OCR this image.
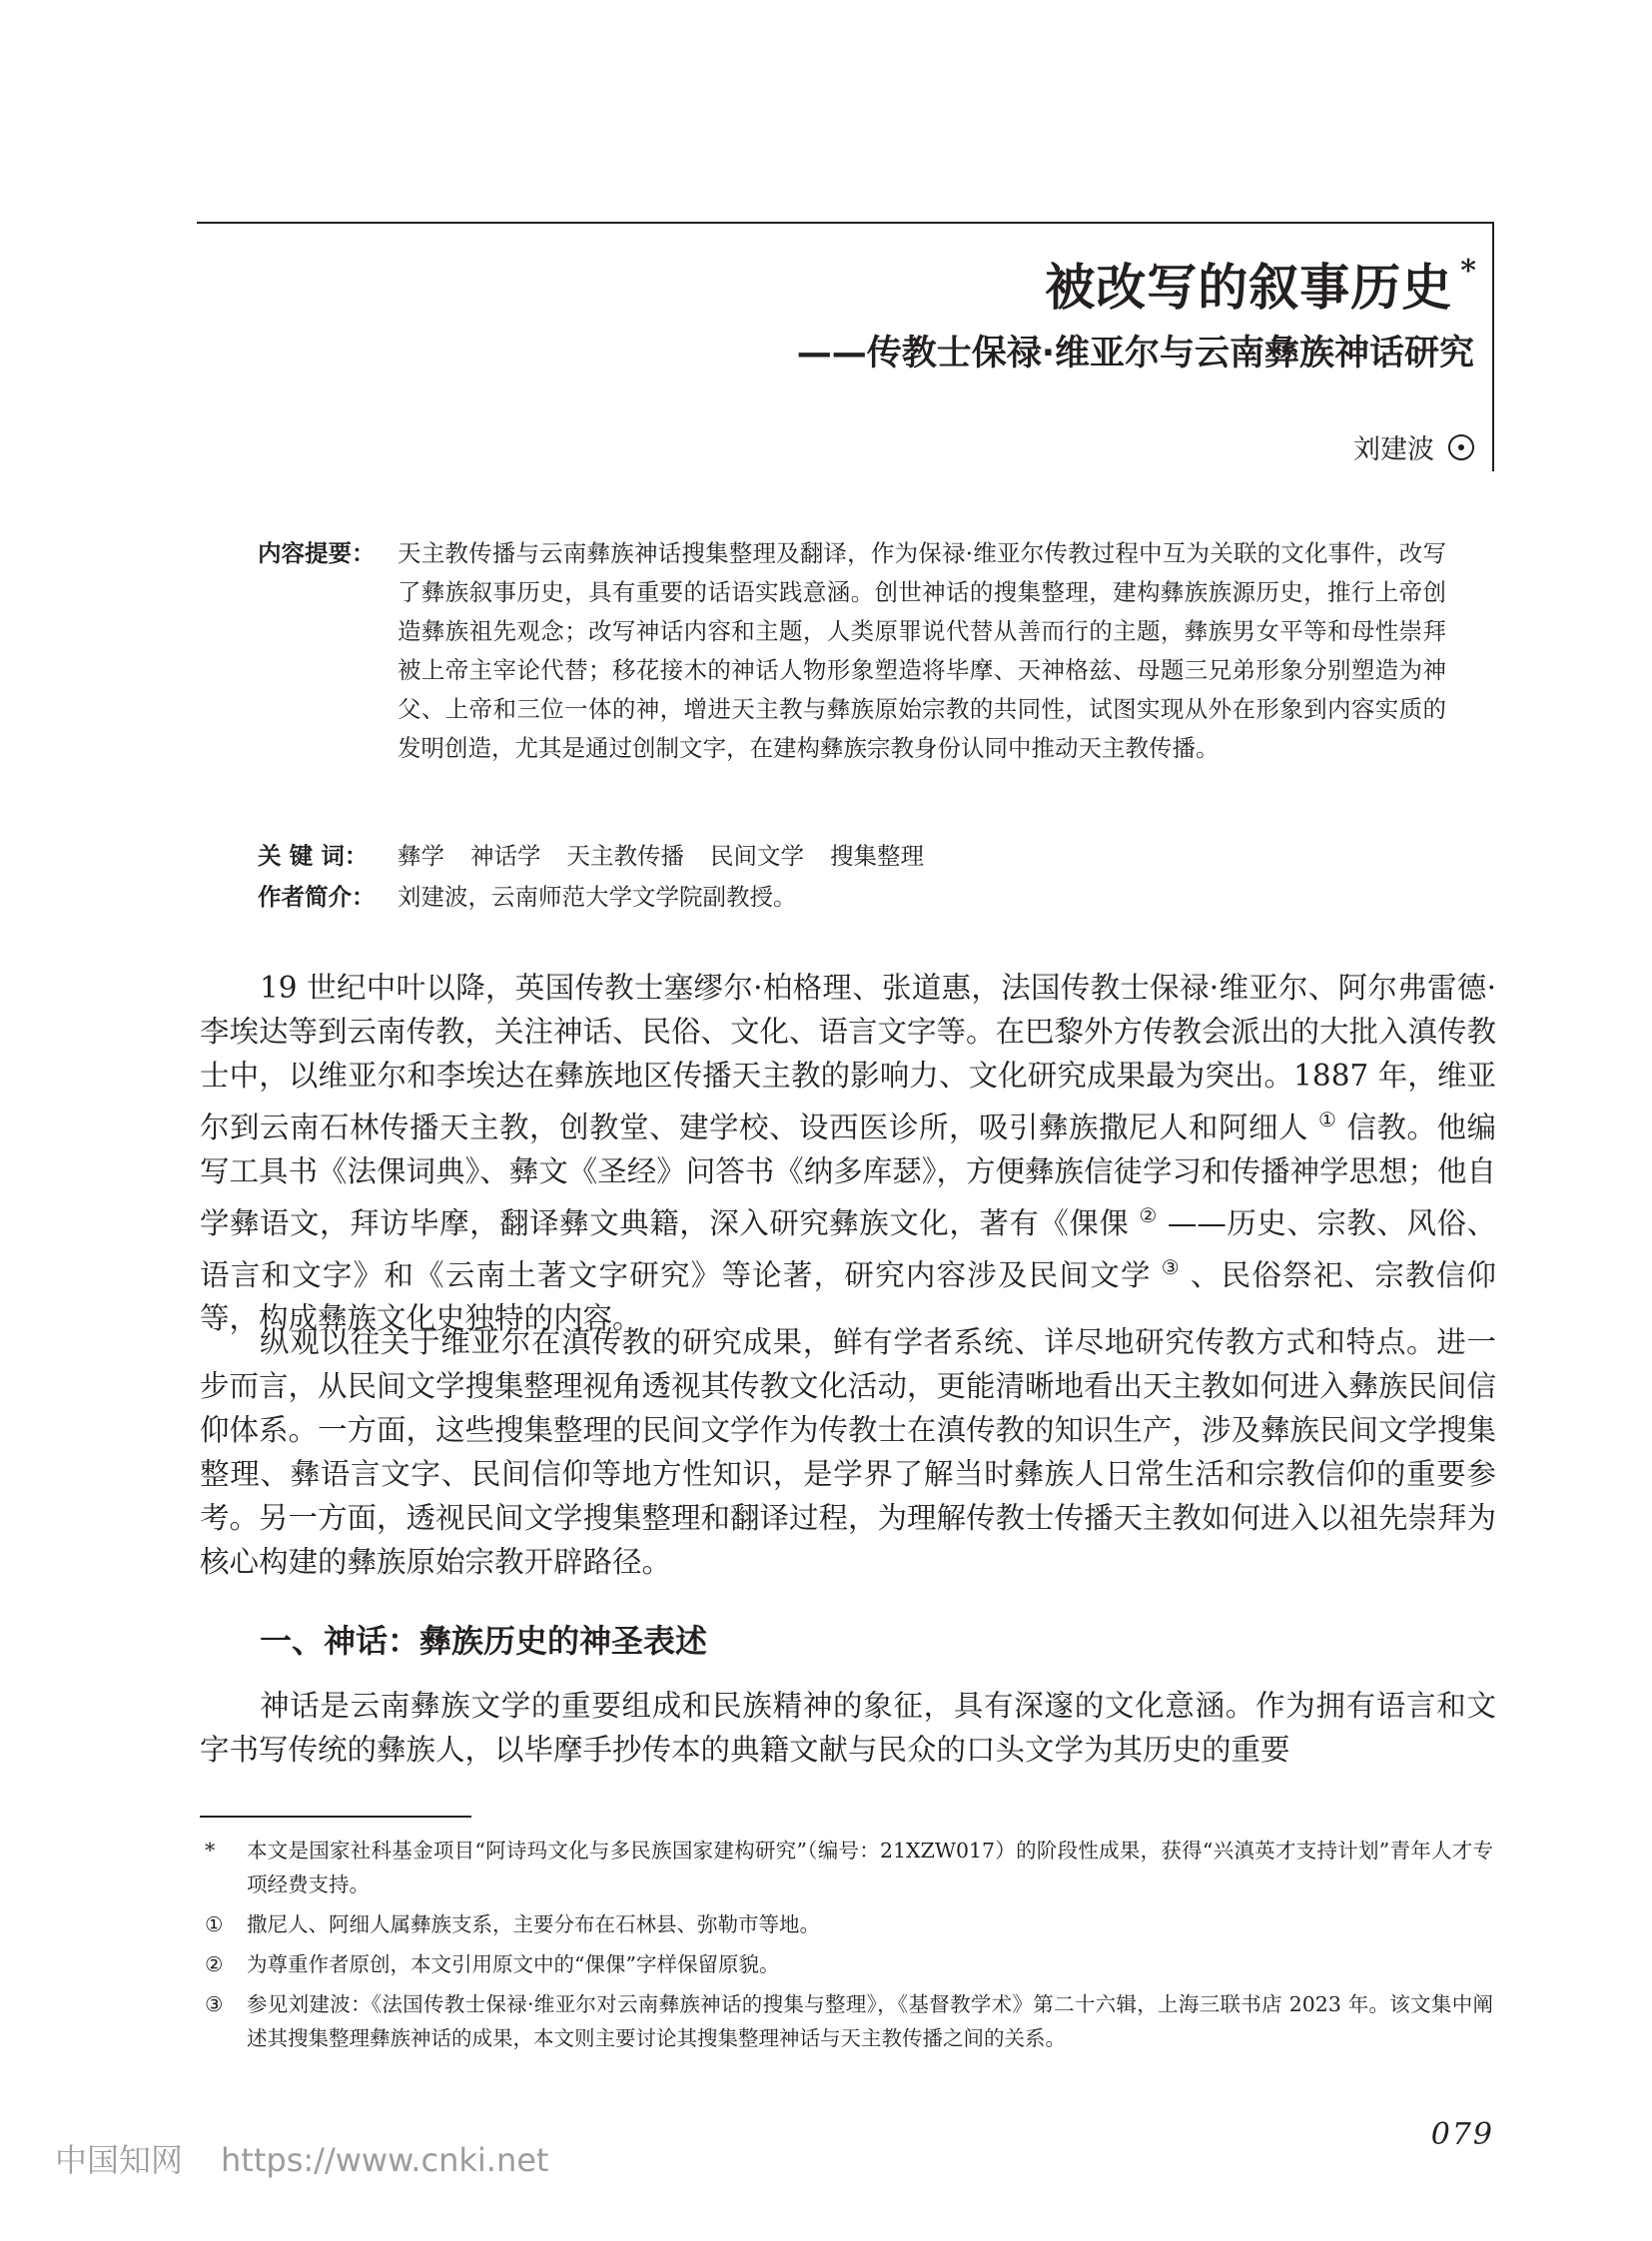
被改写的叙事历史 *
——传教士保禄·维亚尔与云南彝族神话研究
刘建波
内容提要： 天主教传播与云南彝族神话搜集整理及翻译，作为保禄·维亚尔传教过程中互为关联的文化事件，改写了彝族叙事历史，具有重要的话语实践意涵。创世神话的搜集整理，建构彝族族源历史，推行上帝创造彝族祖先观念；改写神话内容和主题，人类原罪说代替从善而行的主题，彝族男女平等和母性崇拜被上帝主宰论代替；移花接木的神话人物形象塑造将毕摩、天神格兹、母题三兄弟形象分别塑造为神父、上帝和三位一体的神，增进天主教与彝族原始宗教的共同性，试图实现从外在形象到内容实质的发明创造，尤其是通过创制文字，在建构彝族宗教身份认同中推动天主教传播。
关 键 词：	彝学 神话学 天主教传播 民间文学 搜集整理
作者简介： 刘建波，云南师范大学文学院副教授。

19 世纪中叶以降，英国传教士塞缪尔·柏格理、张道惠，法国传教士保禄·维亚尔、阿尔弗雷德·李埃达等到云南传教，关注神话、民俗、文化、语言文字等。在巴黎外方传教会派出的大批入滇传教士中，以维亚尔和李埃达在彝族地区传播天主教的影响力、文化研究成果最为突出。1887 年，维亚尔到云南石林传播天主教，创教堂、建学校、设西医诊所，吸引彝族撒尼人和阿细人 ① 信教。他编写工具书《法倮词典》、彝文《圣经》问答书《纳多库瑟》，方便彝族信徒学习和传播神学思想；他自学彝语文，拜访毕摩，翻译彝文典籍，深入研究彝族文化，著有《倮倮 ② ——历史、宗教、风俗、语言和文字》和《云南土著文字研究》等论著，研究内容涉及民间文学 ③ 、民俗祭祀、宗教信仰等，构成彝族文化史独特的内容。

纵观以往关于维亚尔在滇传教的研究成果，鲜有学者系统、详尽地研究传教方式和特点。进一步而言，从民间文学搜集整理视角透视其传教文化活动，更能清晰地看出天主教如何进入彝族民间信仰体系。一方面，这些搜集整理的民间文学作为传教士在滇传教的知识生产，涉及彝族民间文学搜集整理、彝语言文字、民间信仰等地方性知识，是学界了解当时彝族人日常生活和宗教信仰的重要参考。另一方面，透视民间文学搜集整理和翻译过程，为理解传教士传播天主教如何进入以祖先崇拜为核心构建的彝族原始宗教开辟路径。

一、神话：彝族历史的神圣表述

神话是云南彝族文学的重要组成和民族精神的象征，具有深邃的文化意涵。作为拥有语言和文字书写传统的彝族人，以毕摩手抄传本的典籍文献与民众的口头文学为其历史的重要

* 本文是国家社科基金项目“阿诗玛文化与多民族国家建构研究”（编号：21XZW017）的阶段性成果，获得“兴滇英才支持计划”青年人才专项经费支持。
① 撒尼人、阿细人属彝族支系，主要分布在石林县、弥勒市等地。
② 为尊重作者原创，本文引用原文中的“倮倮”字样保留原貌。
③ 参见刘建波：《法国传教士保禄·维亚尔对云南彝族神话的搜集与整理》，《基督教学术》第二十六辑，上海三联书店 2023 年。该文集中阐述其搜集整理彝族神话的成果，本文则主要讨论其搜集整理神话与天主教传播之间的关系。
079
中国知网 https://www.cnki.net
